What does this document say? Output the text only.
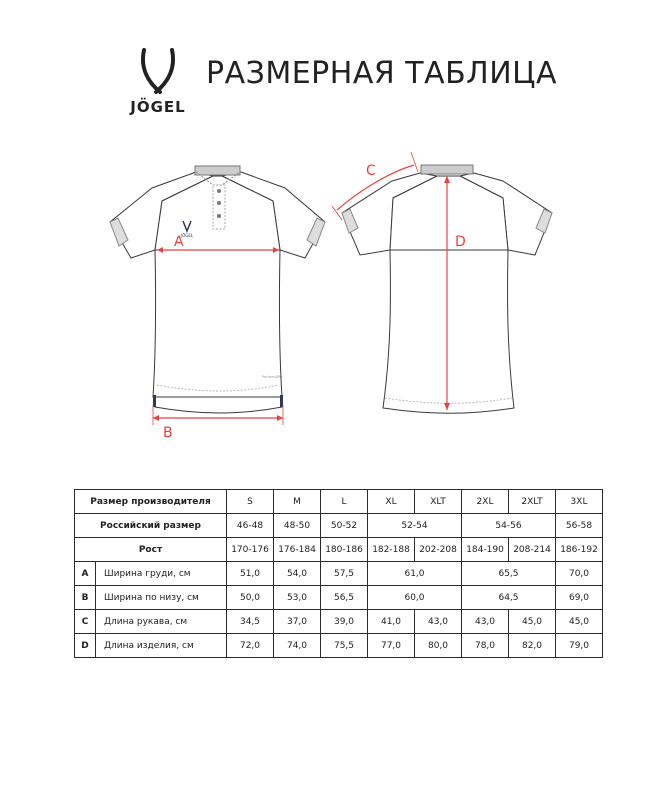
JÖGEL
РАЗМЕРНАЯ ТАБЛИЦА
JÖGEL
PerformDRY
A
B
C
D
Размер производителя		S	M	L	XL	XLT	2XL	2XLT	3XL
Российский размер		46-48	48-50	50-52	52-54		54-56		56-58
Рост		170-176	176-184	180-186	182-188	202-208	184-190	208-214	186-192
A	Ширина груди, см	51,0	54,0	57,5	61,0		65,5		70,0
B	Ширина по низу, см	50,0	53,0	56,5	60,0		64,5		69,0
C	Длина рукава, см	34,5	37,0	39,0	41,0	43,0	43,0	45,0	45,0
D	Длина изделия, см	72,0	74,0	75,5	77,0	80,0	78,0	82,0	79,0
